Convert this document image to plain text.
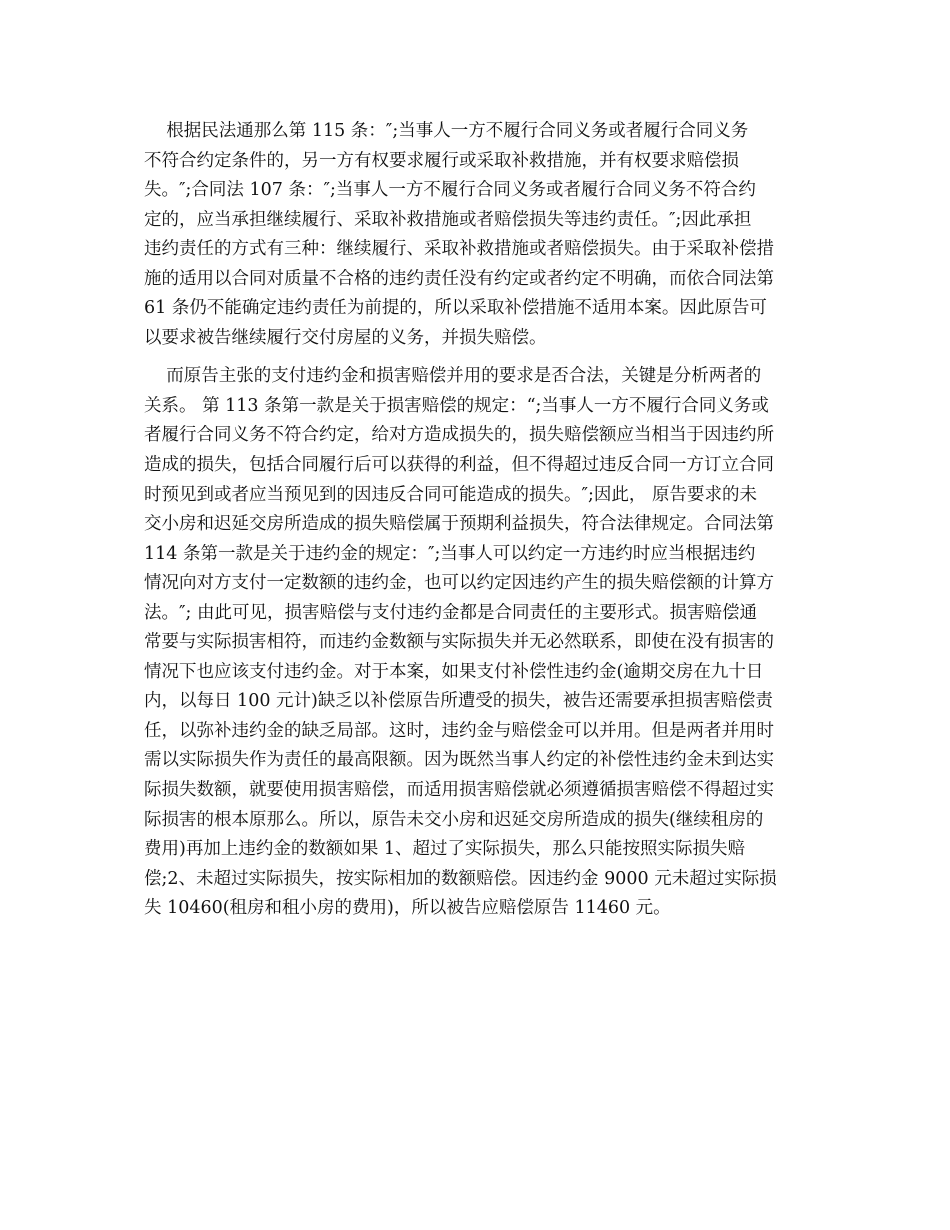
根据民法通那么第 115 条：″;当事人一方不履行合同义务或者履行合同义务
不符合约定条件的，另一方有权要求履行或采取补救措施，并有权要求赔偿损
失。″;合同法 107 条：″;当事人一方不履行合同义务或者履行合同义务不符合约
定的，应当承担继续履行、采取补救措施或者赔偿损失等违约责任。″;因此承担
违约责任的方式有三种：继续履行、采取补救措施或者赔偿损失。由于采取补偿措
施的适用以合同对质量不合格的违约责任没有约定或者约定不明确，而依合同法第
61 条仍不能确定违约责任为前提的，所以采取补偿措施不适用本案。因此原告可
以要求被告继续履行交付房屋的义务，并损失赔偿。
而原告主张的支付违约金和损害赔偿并用的要求是否合法，关键是分析两者的
关系。 第 113 条第一款是关于损害赔偿的规定：“;当事人一方不履行合同义务或
者履行合同义务不符合约定，给对方造成损失的，损失赔偿额应当相当于因违约所
造成的损失，包括合同履行后可以获得的利益，但不得超过违反合同一方订立合同
时预见到或者应当预见到的因违反合同可能造成的损失。″;因此， 原告要求的未
交小房和迟延交房所造成的损失赔偿属于预期利益损失，符合法律规定。合同法第
114 条第一款是关于违约金的规定：″;当事人可以约定一方违约时应当根据违约
情况向对方支付一定数额的违约金，也可以约定因违约产生的损失赔偿额的计算方
法。″; 由此可见，损害赔偿与支付违约金都是合同责任的主要形式。损害赔偿通
常要与实际损害相符，而违约金数额与实际损失并无必然联系，即使在没有损害的
情况下也应该支付违约金。对于本案，如果支付补偿性违约金(逾期交房在九十日
内，以每日 100 元计)缺乏以补偿原告所遭受的损失，被告还需要承担损害赔偿责
任，以弥补违约金的缺乏局部。这时，违约金与赔偿金可以并用。但是两者并用时
需以实际损失作为责任的最高限额。因为既然当事人约定的补偿性违约金未到达实
际损失数额，就要使用损害赔偿，而适用损害赔偿就必须遵循损害赔偿不得超过实
际损害的根本原那么。所以，原告未交小房和迟延交房所造成的损失(继续租房的
费用)再加上违约金的数额如果 1、超过了实际损失，那么只能按照实际损失赔
偿;2、未超过实际损失，按实际相加的数额赔偿。因违约金 9000 元未超过实际损
失 10460(租房和租小房的费用)，所以被告应赔偿原告 11460 元。
